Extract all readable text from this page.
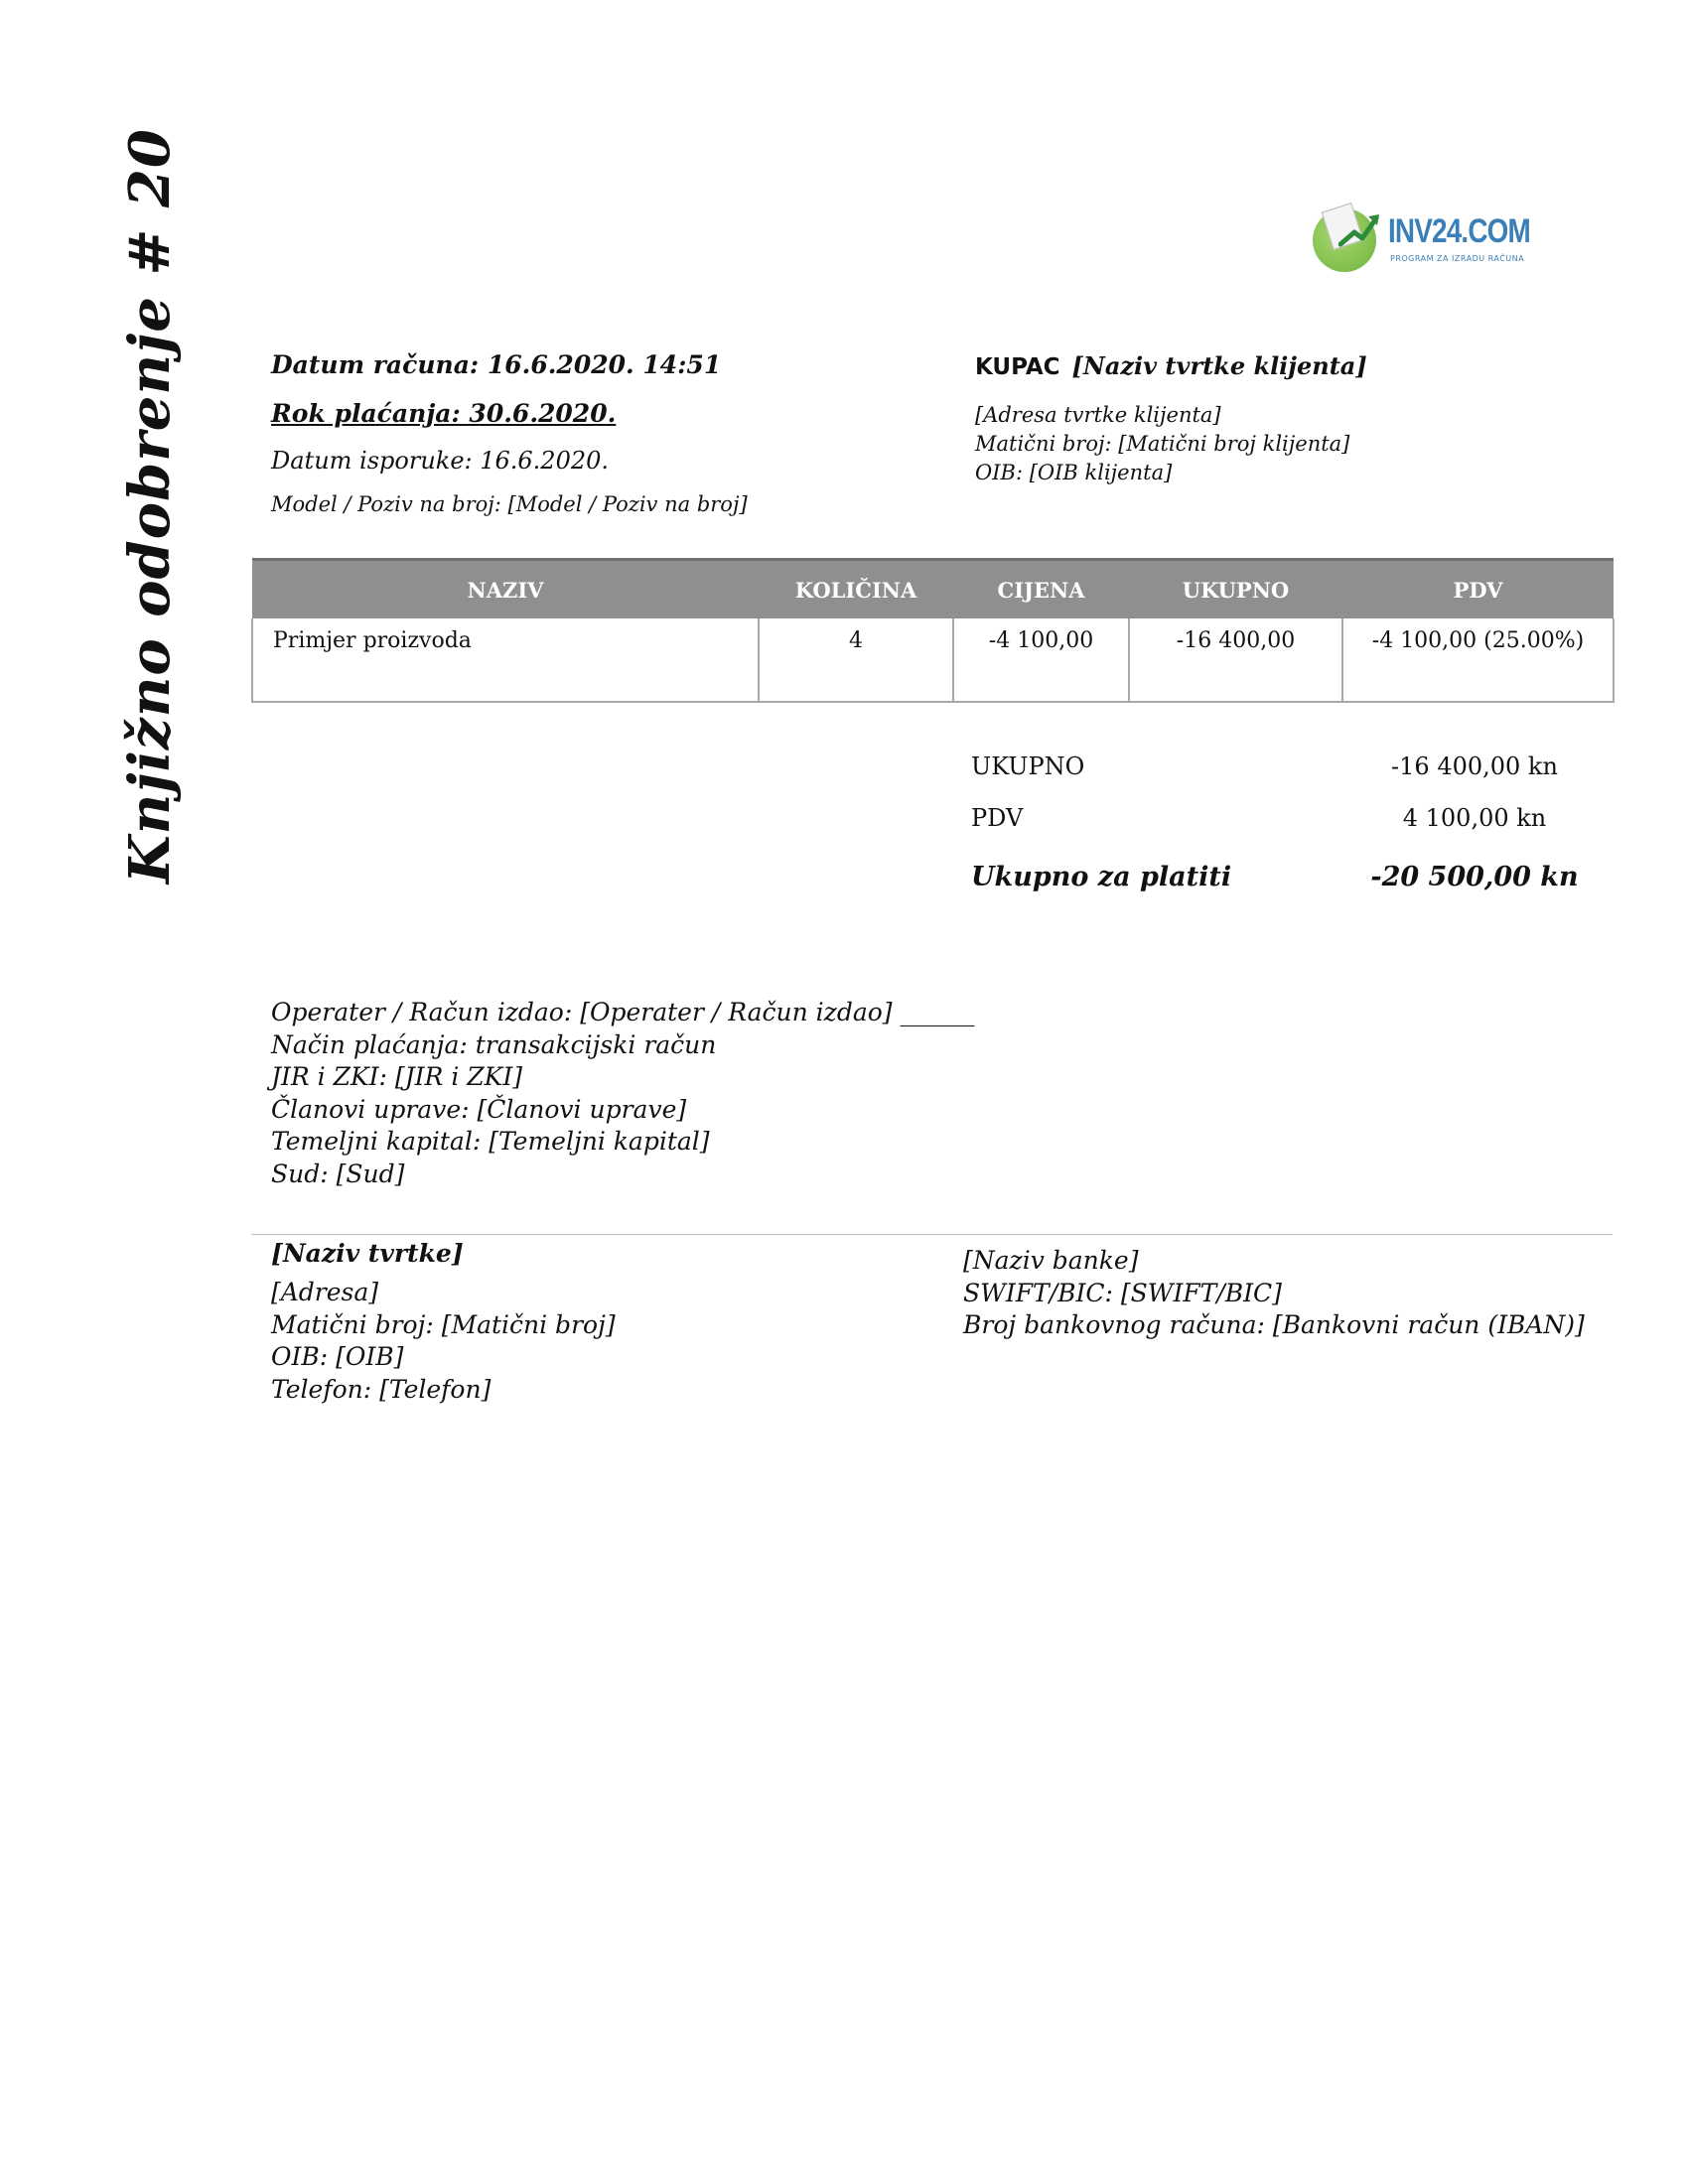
Knjižno odobrenje # 20	INV24.COM
PROGRAM ZA IZRADU RAČUNA
Datum računa: 16.6.2020. 14:51
Rok plaćanja: 30.6.2020.
Datum isporuke: 16.6.2020.
Model / Poziv na broj: [Model / Poziv na broj]
KUPAC [Naziv tvrtke klijenta]
[Adresa tvrtke klijenta]
Matični broj: [Matični broj klijenta]
OIB: [OIB klijenta]
NAZIV	KOLIČINA	CIJENA	UKUPNO	PDV
Primjer proizvoda	4	-4 100,00	-16 400,00	-4 100,00 (25.00%)
UKUPNO	-16 400,00 kn
PDV	4 100,00 kn
Ukupno za platiti	-20 500,00 kn
Operater / Račun izdao: [Operater / Račun izdao] ______
Način plaćanja: transakcijski račun
JIR i ZKI: [JIR i ZKI]
Članovi uprave: [Članovi uprave]
Temeljni kapital: [Temeljni kapital]
Sud: [Sud]
[Naziv tvrtke]
[Adresa]
Matični broj: [Matični broj]
OIB: [OIB]
Telefon: [Telefon]
[Naziv banke]
SWIFT/BIC: [SWIFT/BIC]
Broj bankovnog računa: [Bankovni račun (IBAN)]
